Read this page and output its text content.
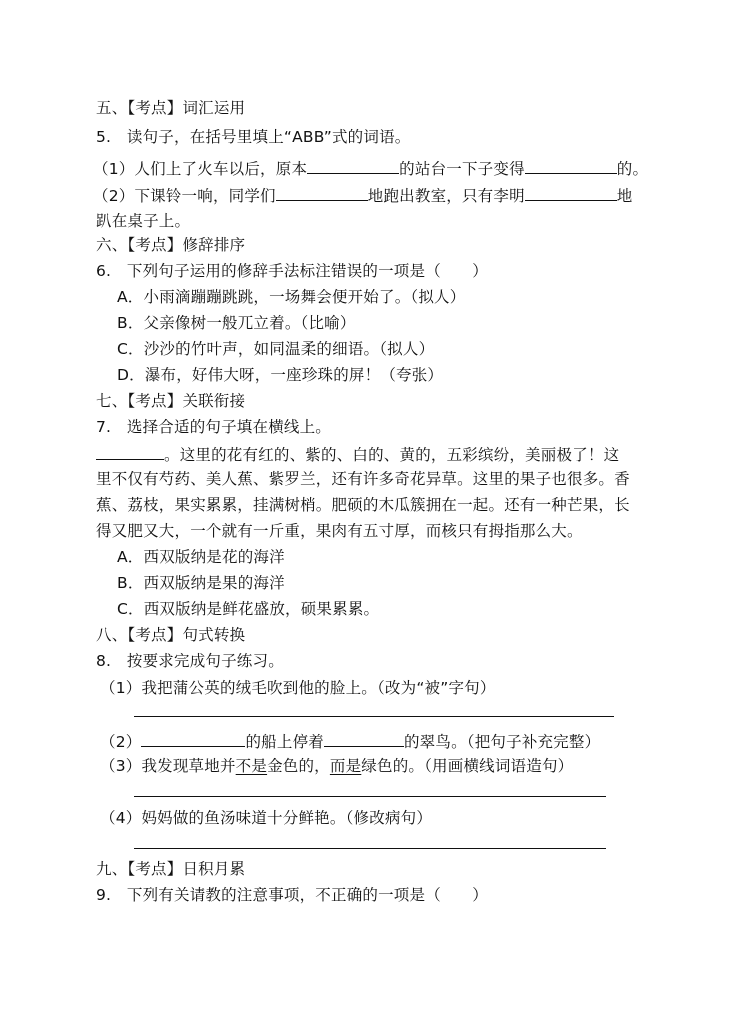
五、【考点】词汇运用
5.　读句子，在括号里填上“ABB”式的词语。
（1）人们上了火车以后，原本	的站台一下子变得	的。
（2）下课铃一响，同学们	地跑出教室，只有李明	地
趴在桌子上。
六、【考点】修辞排序
6.　下列句子运用的修辞手法标注错误的一项是（　　）
A．小雨滴蹦蹦跳跳，一场舞会便开始了。（拟人）
B．父亲像树一般兀立着。（比喻）
C．沙沙的竹叶声，如同温柔的细语。（拟人）
D．瀑布，好伟大呀，一座珍珠的屏！（夸张）
七、【考点】关联衔接
7.　选择合适的句子填在横线上。
。这里的花有红的、紫的、白的、黄的，五彩缤纷，美丽极了！这
里不仅有芍药、美人蕉、紫罗兰，还有许多奇花异草。这里的果子也很多。香
蕉、荔枝，果实累累，挂满树梢。肥硕的木瓜簇拥在一起。还有一种芒果，长
得又肥又大，一个就有一斤重，果肉有五寸厚，而核只有拇指那么大。
A．西双版纳是花的海洋
B．西双版纳是果的海洋
C．西双版纳是鲜花盛放，硕果累累。
八、【考点】句式转换
8.　按要求完成句子练习。
（1）我把蒲公英的绒毛吹到他的脸上。（改为“被”字句）
（2）	的船上停着	的翠鸟。（把句子补充完整）
（3）我发现草地并不是金色的，而是绿色的。（用画横线词语造句）
（4）妈妈做的鱼汤味道十分鲜艳。（修改病句）
九、【考点】日积月累
9.　下列有关请教的注意事项，不正确的一项是（　　）
